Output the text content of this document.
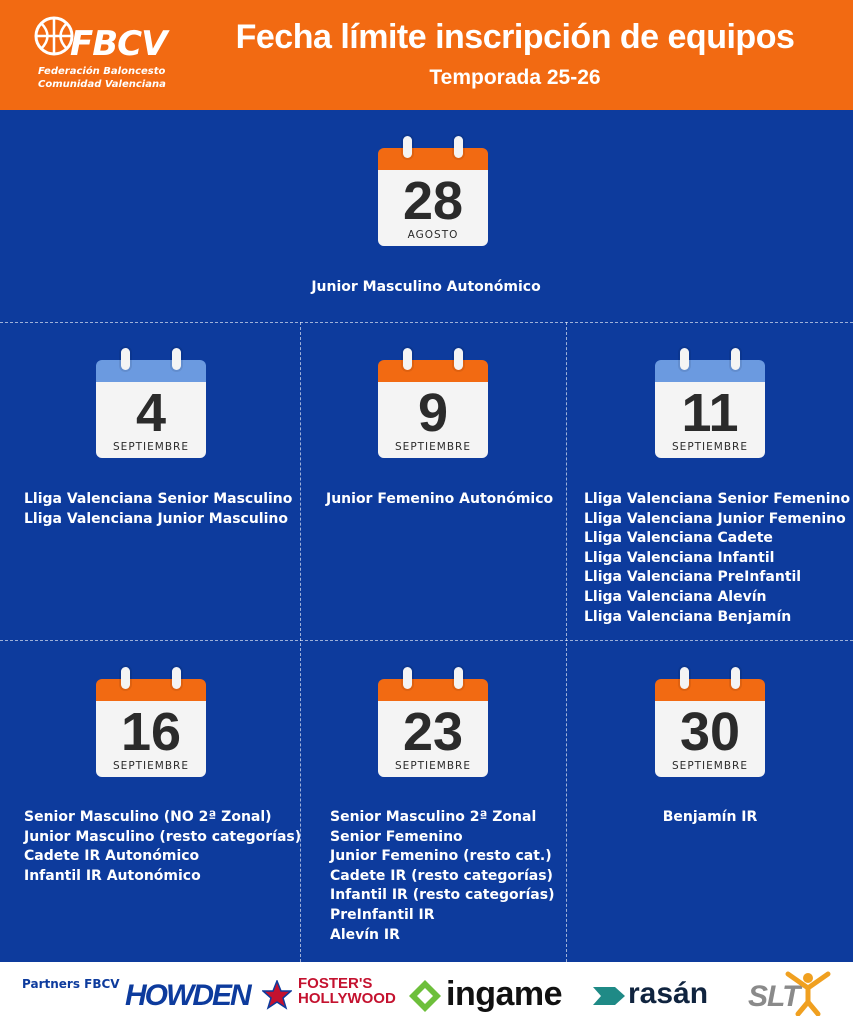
FBCV
Federación Baloncesto
Comunidad Valenciana
Fecha límite inscripción de equipos
Temporada 25-26
28
AGOSTO
Junior Masculino Autonómico
4
SEPTIEMBRE
Lliga Valenciana Senior Masculino
Lliga Valenciana Junior Masculino
9
SEPTIEMBRE
Junior Femenino Autonómico
11
SEPTIEMBRE
Lliga Valenciana Senior Femenino
Lliga Valenciana Junior Femenino
Lliga Valenciana Cadete
Lliga Valenciana Infantil
Lliga Valenciana PreInfantil
Lliga Valenciana Alevín
Lliga Valenciana Benjamín
16
SEPTIEMBRE
Senior Masculino (NO 2ª Zonal)
Junior Masculino (resto categorías)
Cadete IR Autonómico
Infantil IR Autonómico
23
SEPTIEMBRE
Senior Masculino 2ª Zonal
Senior Femenino
Junior Femenino (resto cat.)
Cadete IR (resto categorías)
Infantil IR (resto categorías)
PreInfantil IR
Alevín IR
30
SEPTIEMBRE
Benjamín IR
Partners FBCV HOWDEN	FOSTER'S
HOLLYWOOD ingame rasán SLT
